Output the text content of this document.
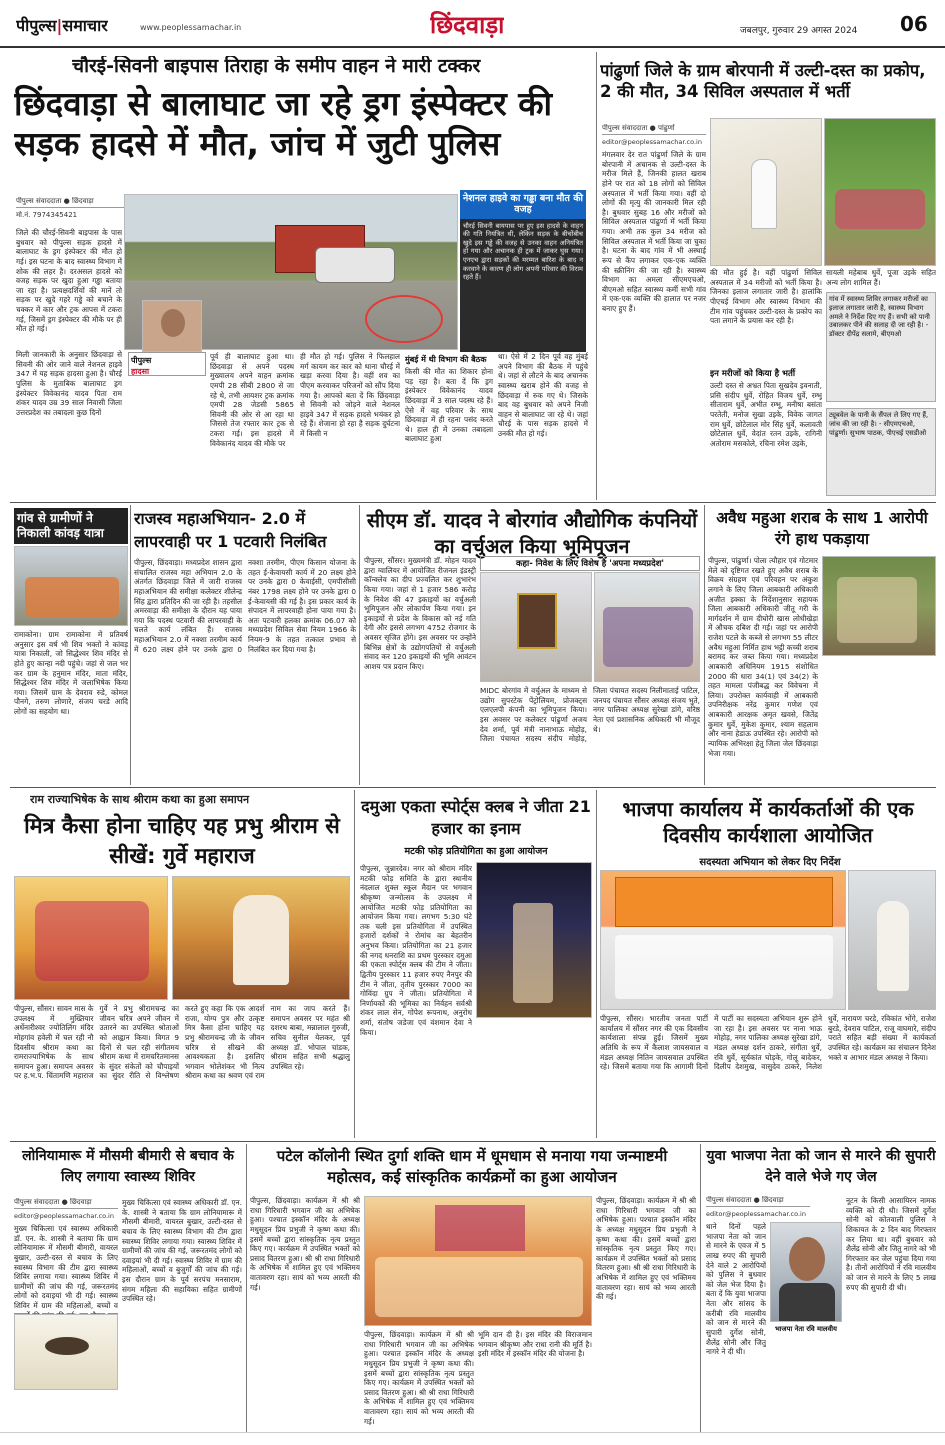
पीपुल्स|समाचार	www.peoplessamachar.in	छिंदवाड़ा	जबलपुर, गुरुवार 29 अगस्त 2024 06
चौरई-सिवनी बाइपास तिराहा के समीप वाहन ने मारी टक्कर
छिंदवाड़ा से बालाघाट जा रहे ड्रग इंस्पेक्टर की सड़क हादसे में मौत, जांच में जुटी पुलिस
पीपुल्स संवाददाता ● छिंदवाड़ा
मो.नं. 7974345421
नेशनल हाइवे का गड्ढा बना मौत की वजह
चौरई सिवनी बायपास पर हुए इस हादसे के वाहन की गति नियंत्रित थी, लेकिन सड़क के बीचोंबीच खुदे इस गड्ढे की वजह से उनका वाहन अनियंत्रित हो गया और अचानक ही ट्रक में जाकर घुस गया। एनएच द्वारा सड़कों की मरम्मत बारिश के बाद न करवाने के कारण ही लोग अपनी परिवार की विराम रहते हैं।
जिले की चौरई-सिवनी बाइपास के पास बुधवार को पीपुल्स सड़क हादसे में बालाघाट के ड्रग इंस्पेक्टर की मौत हो गई। इस घटना के बाद स्वास्थ्य विभाग में शोक की लहर है। दरअसल हादसे को वजह सड़क पर खुदा हुआ गड्ढा बताया जा रहा है। प्रत्यक्षदर्शियों की मानें तो सड़क पर खुदे गहरे गड्ढे को बचाने के चक्कर में कार और ट्रक आपस में टकरा गई, जिसमें ड्रग इंस्पेक्टर की मौके पर ही मौत हो गई।
मिली जानकारी के अनुसार छिंदवाड़ा से सिवनी की ओर जाने वाले नेशनल हाइवे 347 में यह सड़क हादसा हुआ है। चौरई पुलिस के मुताबिक बालाघाट ड्रग इंस्पेक्टर विवेकानंद यादव पिता राम शंकर यादव उम्र 39 साल निवासी जिला उत्तरप्रदेश का तबादला कुछ दिनों
पीपुल्स
हादसा
पूर्व ही बालाघाट हुआ था। छिंदवाड़ा से अपने पदस्थ मुख्यालय अपने वाहन क्रमांक एमपी 28 सीबी 2800 से जा रहे थे, तभी आयशर ट्रक क्रमांक एमपी 28 जेडसी 5865 सिवनी की ओर से आ रहा था जिससे तेज रफ्तार कार ट्रक से टकरा गई। इस हादसे में विवेकानंद यादव की मौके पर
ही मौत हो गई। पुलिस ने फिलहाल मर्ग कायम कर कार को थाना चौरई में खड़ा करवा दिया है। वहीं शव का पीएम करवाकर परिजनों को सौंप दिया गया है। आपको बता दें कि छिंदवाड़ा से सिवनी को जोड़ने वाले नेशनल हाइवे 347 में सड़क हादसे भयंकर हो रहे हैं। शेजाना हो रहा है सड़क दुर्घटना में किसी न
मुंबई में थी विभाग की बैठक
किसी की मौत का शिकार होना पड़ रहा है। बता दें कि ड्रग इंस्पेक्टर विवेकानंद यादव छिंदवाड़ा में 3 साल पदस्थ रहे हैं। ऐसे में वह परिवार के साथ छिंदवाड़ा में ही रहना पसंद करते थे। हाल ही में उनका तबादला बालाघाट हुआ
था। ऐसे में 2 दिन पूर्व वह मुंबई अपने विभाग की बैठक में पहुंचे थे। जहां से लौटने के बाद अचानक स्वास्थ्य खराब होने की वजह से छिंदवाड़ा में रुक गए थे। जिसके बाद वह बुधवार को अपने निजी वाहन से बालाघाट जा रहे थे। जहां चौरई के पास सड़क हादसे में उनकी मौत हो गई।
पांढुर्णा जिले के ग्राम बोरपानी में उल्टी-दस्त का प्रकोप, 2 की मौत, 34 सिविल अस्पताल में भर्ती
पीपुल्स संवाददाता ● पांढुर्णा
editor@peoplessamachar.co.in
मंगलवार देर रात पांढुर्णा जिले के ग्राम बोरपानी में अचानक से उल्टी-दस्त के मरीज मिले हैं, जिनकी हालत खराब होने पर रात को 18 लोगों को सिविल अस्पताल में भर्ती किया गया। वहीं दो लोगों की मृत्यु की जानकारी मिल रही है। बुधवार सुबह 16 और मरीजों को सिविल अस्पताल पांढुर्णा में भर्ती किया गया। अभी तक कुल 34 मरीज को सिविल अस्पताल में भर्ती किया जा चुका है। घटना के बाद गांव में भी अस्थाई रूप से कैंप लगाकर एक-एक व्यक्ति की स्क्रीनिंग की जा रही है। स्वास्थ्य विभाग का अमला सीएमएचओ, बीएमओ सहित स्वास्थ्य कर्मी सभी गांव में एक-एक व्यक्ति की हालात पर नजर बनाए हुए हैं।
की मौत हुई है। वहीं पांढुर्णा सिविल अस्पताल में 34 मरीजों को भर्ती किया है। जिनका इलाज लगातार जारी है। हालांकि पीएचई विभाग और स्वास्थ्य विभाग की टीम गांव पहुंचकर उल्टी-दस्त के प्रकोप का पता लगाने के प्रयास कर रही है।
इन मरीजों को किया है भर्ती
उल्टी दस्त से अभ्रत पिता सुखदेव इवनाती, प्रसि संदीप धुर्वे, रोहित विजय धुर्वे, रम्भू सीताराम धुर्वे, अभीत रम्भू, मनीषा बसंता परतेती, मनोज सुखा उइके, विवेक जागत राम धुर्वे, छोटेलाल मोर सिंह धुर्वे, कलावती छोटेलाल धुर्वे, वेदांत रतन उइके, रागिनी अतोराम मसकोले, रचिना रमेश उइके,
सायली महेबाब धुर्वे, पूजा उइके सहित अन्य लोग शामिल हैं।
गांव में स्वास्थ्य शिविर लगाकर मरीजों का इलाज लगातार जारी है, स्वास्थ्य विभाग अमले ने निर्देश दिए गए हैं। सभी को पानी उबालकर पीने की सलाह दी जा रही है। - डॉक्टर दीपेंद्र सलामे, बीएमओ
ट्यूबवेल के पानी के सैंपल ले लिए गए हैं, जांच की जा रही है। - सीएमएचओ, पांढुर्णा। सुभाष पाठक, पीएचई एसडीओ
गांव से ग्रामीणों ने निकाली कांवड़ यात्रा
रामाकोना। ग्राम रामाकोना में प्रतिवर्ष अनुसार इस वर्ष भी शिव भक्तों ने कांवड़ यात्रा निकाली, जो सिद्धेश्वर शिव मंदिर से होते हुए कान्हा नदी पहुंचे। जहां से जल भर कर ग्राम के हनुमान मंदिर, माता मंदिर, सिद्धेश्वर शिव मंदिर में जलाभिषेक किया गया। जिसमें ग्राम के देवराव रुडे, कोमल पौनगे, तरुण लोणारे, संजय चरडे आदि लोगों का सहयोग था।
राजस्व महाअभियान- 2.0 में लापरवाही पर 1 पटवारी निलंबित
पीपुल्स, छिंदवाड़ा। मध्यप्रदेश शासन द्वारा संचालित राजस्व महा अभियान 2.0 के अंतर्गत छिंदवाड़ा जिले में जारी राजस्व महाअभियान की समीक्षा कलेक्टर शीलेन्द्र सिंह द्वारा प्रतिदिन की जा रही है। तहसील अमरवाड़ा की समीक्षा के दौरान यह पाया गया कि पदस्थ पटवारी की लापरवाही के चलते कार्य लंबित हैं। राजस्व महाअभियान 2.0 में नक्शा तरमीम कार्य में 620 लक्ष्य होने पर उनके द्वारा 0 नक्शा तरमीम, पीएम किसान योजना के तहत ई-केवायसी कार्य में 20 लक्ष्य होने पर उनके द्वारा 0 केवाईसी, एमपीसीसी नंबर 1798 लक्ष्य होने पर उनके द्वारा 0 ई-केवायसी की गई है। इस प्रकार कार्य के संपादन में लापरवाही होना पाया गया है। अतः पटवारी हलका क्रमांक 06.07 को मध्यप्रदेश सिविल सेवा नियम 1966 के नियम-9 के तहत तत्काल प्रभाव से निलंबित कर दिया गया है।
सीएम डॉ. यादव ने बोरगांव औद्योगिक कंपनियों का वर्चुअल किया भूमिपूजन
कहा- निवेश के लिए विशेष है 'अपना मध्यप्रदेश'
पीपुल्स, सौंसर। मुख्यमंत्री डॉ. मोहन यादव द्वारा ग्वालियर में आयोजित रीजनल इंडस्ट्री कॉन्क्लेव का दीप प्रज्वलित कर शुभारंभ किया गया। जहां से 1 हजार 586 करोड़ के निवेश की 47 इकाइयों का वर्चुअली भूमिपूजन और लोकार्पण किया गया। इन इकाइयों से प्रदेश के विकास को नई गति देगी और इससे लगभग 4752 रोजगार के अवसर सृजित होंगे। इस अवसर पर उन्होंने बिभिन्न क्षेत्रों के उद्योगपतियों से वर्चुअली संवाद कर 120 इकाइयों की भूमि आवंटन आशय पत्र प्रदान किए।
MIDC बोरगांव में वर्चुअल के माध्यम से उद्योग सुपरटेक पेंट्रोलियम, प्रोजक्ट्स एलएलपी कंपनी का भूमिपूजन किया। इस अवसर पर कलेक्टर पांढुर्णा अजय देव शर्मा, पूर्व मंत्री नानाभाऊ मोहोड़, जिला पंचायत सदस्य संदीप मोहोड़, जिला पंचायत सदस्य निलीमाताई पाटिल, जनपद पंचायत सौंसर अध्यक्ष संजय भुते, नगर पालिका अध्यक्ष सुरेखा डांगे, वरिष्ठ नेता एवं प्रशासनिक अधिकारी भी मौजूद थे।
अवैध महुआ शराब के साथ 1 आरोपी रंगे हाथ पकड़ाया
पीपुल्स, पांढुर्णा। पोला त्यौहार एवं गोटमार मेले को दृष्टिगत रखते हुए अवैध शराब के विक्रय संग्रहण एवं परिवहन पर अंकुश लगाने के लिए जिला आबकारी अधिकारी अजीत इक्का के निर्देशानुसार सहायक जिला आबकारी अधिकारी जीतू गरी के मार्गदर्शन में ग्राम दीघोरी खास लोधीखेड़ा में औचक दबिश दी गई। जहां पर आरोपी राजेश पटले के कब्जे से लगभग 55 लीटर अवैध महुआ निर्मित हाथ भट्ठी कच्ची शराब बरामद कर जब्त किया गया। मध्यप्रदेश आबकारी अधिनियम 1915 संशोधित 2000 की धारा 34(1) एवं 34(2) के तहत मामला पंजीबद्ध कर विवेचना में लिया। उपरोक्त कार्यवाही में आबकारी उपनिरीक्षक नरेंद्र कुमार गणेश एवं आबकारी आरक्षक अमृत खवसे, जितेंद्र कुमार धुर्वे, मुकेश कुमार, श्याम सहलाम और नाना हेडाऊ उपस्थित रहे। आरोपी को न्यायिक अभिरक्षा हेतु जिला जेल छिंदवाड़ा भेजा गया।
राम राज्याभिषेक के साथ श्रीराम कथा का हुआ समापन
मित्र कैसा होना चाहिए यह प्रभु श्रीराम से सीखें: गुर्वे महाराज
पीपुल्स, सौंसर। सावन मास के उपलक्ष्य में मुख्तियार अर्धेनारीश्वर ज्योतिलिंग मंदिर मोहगांव हवेली में चल रही नौ दिवसीय श्रीराम कथा का रामराज्याभिषेक के साथ समापन हुआ। समापन अवसर पर ह.भ.प. चिंतामणि महाराज गुर्वे ने प्रभु श्रीरामचन्द्र का जीवन चरित्र अपने जीवन में उतारने का उपस्थित श्रोताओं को आह्वान किया। विगत 9 दिनों से चल रही संगीतमय श्रीराम कथा में रामचरितमानस के सुंदर संकेतों को चौपाइयों का सुंदर रीति से विश्लेषण करते हुए कहा कि एक आदर्श राजा, योग्य पुत्र और उत्कृष्ट मित्र कैसा होना चाहिए यह प्रभु श्रीरामचन्द्र जी के जीवन चरित्र से सीखने की आवश्यकता है। इसलिए भगवान भोलेशंकर भी नित्य श्रीराम कथा का श्रवण एवं राम नाम का जाप करते हैं। समापन अवसर पर महंत श्री दशरथ बाबा, मन्नालाल गुरुजी, सचिव सुनील येलकर, पूर्व अध्यक्ष डॉ. भोपाल चांडक, श्रीराम सहित सभी श्रद्धालु उपस्थित रहे।
दमुआ एकता स्पोर्ट्स क्लब ने जीता 21 हजार का इनाम
मटकी फोड़ प्रतियोगिता का हुआ आयोजन
पीपुल्स, जुन्नारदेव। नगर को श्रीराम मंदिर मटकी फोड़ समिति के द्वारा स्थानीय नंदलाल शुक्ल स्कूल मैदान पर भगवान श्रीकृष्ण जन्मोत्सव के उपलक्ष्य में आयोजित मटकी फोड़ प्रतियोगिता का आयोजन किया गया। लगभग 5:30 घंटे तक चली इस प्रतियोगिता में उपस्थित हजारों दर्शकों ने रोमांच का बेहतरीन अनुभव किया। प्रतियोगिता का 21 हजार की नगद धनराशि का प्रथम पुरस्कार दमुआ की एकता स्पोर्ट्स क्लब की टीम ने जीता। द्वितीय पुरस्कार 11 हजार रुपए नैनपुर की टीम ने जीता, तृतीय पुरस्कार 7000 का गोविंदा ग्रुप ने जीता। प्रतियोगिता में निर्णायकों की भूमिका का निर्वहन सर्वश्री शंकर लाल सेन, गोपेश रूपनाथ, अनुरोध शर्मा, संतोष जडेजा एवं वंशमान देवा ने किया।
भाजपा कार्यालय में कार्यकर्ताओं की एक दिवसीय कार्यशाला आयोजित
सदस्यता अभियान को लेकर दिए निर्देश
पीपुल्स, सौंसर। भारतीय जनता पार्टी कार्यालय में सौंसर नगर की एक दिवसीय कार्यशाला संपन्न हुई। जिसमें मुख्य अतिथि के रूप में कैलाश जायसवाल व मंडल अध्यक्ष नितिन जायसवाल उपस्थित रहे। जिसमें बताया गया कि आगामी दिनों में पार्टी का सदस्यता अभियान शुरू होने जा रहा है। इस अवसर पर नाना भाऊ मोहोड़, नगर पालिका अध्यक्ष सुरेखा डांगे, मंडल अध्यक्ष दर्शन ठाकरे, संगीता धुर्वे, रवि धुर्वे, सूर्यकांत घोड़के, गोलू बादेकर, दिलीप देशमुख, वासुदेव ठाकरे, निलेश धुर्वे, नारायण चरडे, रविकांत भोंगे, राजेश बुरडे, देवराव पाटिल, राजू वाघमारे, संदीप पराते सहित बड़ी संख्या में कार्यकर्ता उपस्थित रहे। कार्यक्रम का संचालन दिनेश भक्ते व आभार मंडल अध्यक्ष ने किया।
लोनियामारू में मौसमी बीमारी से बचाव के लिए लगाया स्वास्थ्य शिविर
पीपुल्स संवाददाता ● छिंदवाड़ा
editor@peoplessamachar.co.in
मुख्य चिकित्सा एवं स्वास्थ्य अधिकारी डॉ. एन. के. शास्त्री ने बताया कि ग्राम लोनियामारू में मौसमी बीमारी, वायरल बुखार, उल्टी-दस्त से बचाव के लिए स्वास्थ्य विभाग की टीम द्वारा स्वास्थ्य शिविर लगाया गया। स्वास्थ्य शिविर में ग्रामीणों की जांच की गई, जरूरतमंद लोगों को दवाइयां भी दी गई। स्वास्थ्य शिविर में ग्राम की महिलाओं, बच्चों व
मुख्य चिकित्सा एवं स्वास्थ्य अधिकारी डॉ. एन. के. शास्त्री ने बताया कि ग्राम लोनियामारू में मौसमी बीमारी, वायरल बुखार, उल्टी-दस्त से बचाव के लिए स्वास्थ्य विभाग की टीम द्वारा स्वास्थ्य शिविर लगाया गया। स्वास्थ्य शिविर में ग्रामीणों की जांच की गई, जरूरतमंद लोगों को दवाइयां भी दी गई। स्वास्थ्य शिविर में ग्राम की महिलाओं, बच्चों व बुजुर्गों की जांच की गई। इस दौरान ग्राम के पूर्व सरपंच मनसाराम, संगम महिला की सहायिका सहित ग्रामीणों उपस्थित रहे।
पटेल कॉलोनी स्थित दुर्गा शक्ति धाम में धूमधाम से मनाया गया जन्माष्टमी महोत्सव, कई सांस्कृतिक कार्यक्रमों का हुआ आयोजन
पीपुल्स, छिंदवाड़ा। कार्यक्रम में श्री श्री राधा गिरिधारी भगवान जी का अभिषेक हुआ। पश्चात इस्कॉन मंदिर के अध्यक्ष मधुसूदन प्रिय प्रभुजी ने कृष्ण कथा की। इसमें बच्चों द्वारा सांस्कृतिक नृत्य प्रस्तुत किए गए। कार्यक्रम में उपस्थित भक्तों को प्रसाद वितरण हुआ। श्री श्री राधा गिरिधारी के अभिषेक में शामिल हुए एवं भक्तिमय वातावरण रहा। सायं को भव्य आरती की गई।
भूमि दान दी है। इस मंदिर की विराजमान भगवान श्रीकृष्ण और राधा रानी की मूर्ति है। इसी मंदिर में इस्कॉन मंदिर की योजना है।
पीपुल्स, छिंदवाड़ा। कार्यक्रम में श्री श्री राधा गिरिधारी भगवान जी का अभिषेक हुआ। पश्चात इस्कॉन मंदिर के अध्यक्ष मधुसूदन प्रिय प्रभुजी ने कृष्ण कथा की। इसमें बच्चों द्वारा सांस्कृतिक नृत्य प्रस्तुत किए गए। कार्यक्रम में उपस्थित भक्तों को प्रसाद वितरण हुआ। श्री श्री राधा गिरिधारी के अभिषेक में शामिल हुए एवं भक्तिमय वातावरण रहा। सायं को भव्य आरती की गई।
पीपुल्स, छिंदवाड़ा। कार्यक्रम में श्री श्री राधा गिरिधारी भगवान जी का अभिषेक हुआ। पश्चात इस्कॉन मंदिर के अध्यक्ष मधुसूदन प्रिय प्रभुजी ने कृष्ण कथा की। इसमें बच्चों द्वारा सांस्कृतिक नृत्य प्रस्तुत किए गए। कार्यक्रम में उपस्थित भक्तों को प्रसाद वितरण हुआ। श्री श्री राधा गिरिधारी के अभिषेक में शामिल हुए एवं भक्तिमय वातावरण रहा। सायं को भव्य आरती की गई।
युवा भाजपा नेता को जान से मारने की सुपारी देने वाले भेजे गए जेल
पीपुल्स संवाददाता ● छिंदवाड़ा
editor@peoplessamachar.co.in
थाने दिनों पहले भाजपा नेता को जान से मारने के एवज में 5 लाख रुपए की सुपारी देने वाले 2 आरोपियों को पुलिस ने बुधवार को जेल भेज दिया है। बता दें कि युवा भाजपा नेता और सांसद के करीबी रवि मालवीय को जान से मारने की सुपारी दुर्गेश सोनी, शैलेंद्र सोनी और जितु नागरे ने दी थी।
भाजपा नेता रवि मालवीय
नूटन के किसी आसायिरन नामक व्यक्ति को दी थी। जिसमें दुर्गेश सोनी को कोतवाली पुलिस ने शिकायत के 2 दिन बाद गिरफ्तार कर लिया था। वहीं बुधवार को शैलेंद्र सोनी और जितु नागरे को भी गिरफ्तार कर जेल पहुंचा दिया गया है। तीनों आरोपियों ने रवि मालवीय को जान से मारने के लिए 5 लाख रुपए की सुपारी दी थी।
